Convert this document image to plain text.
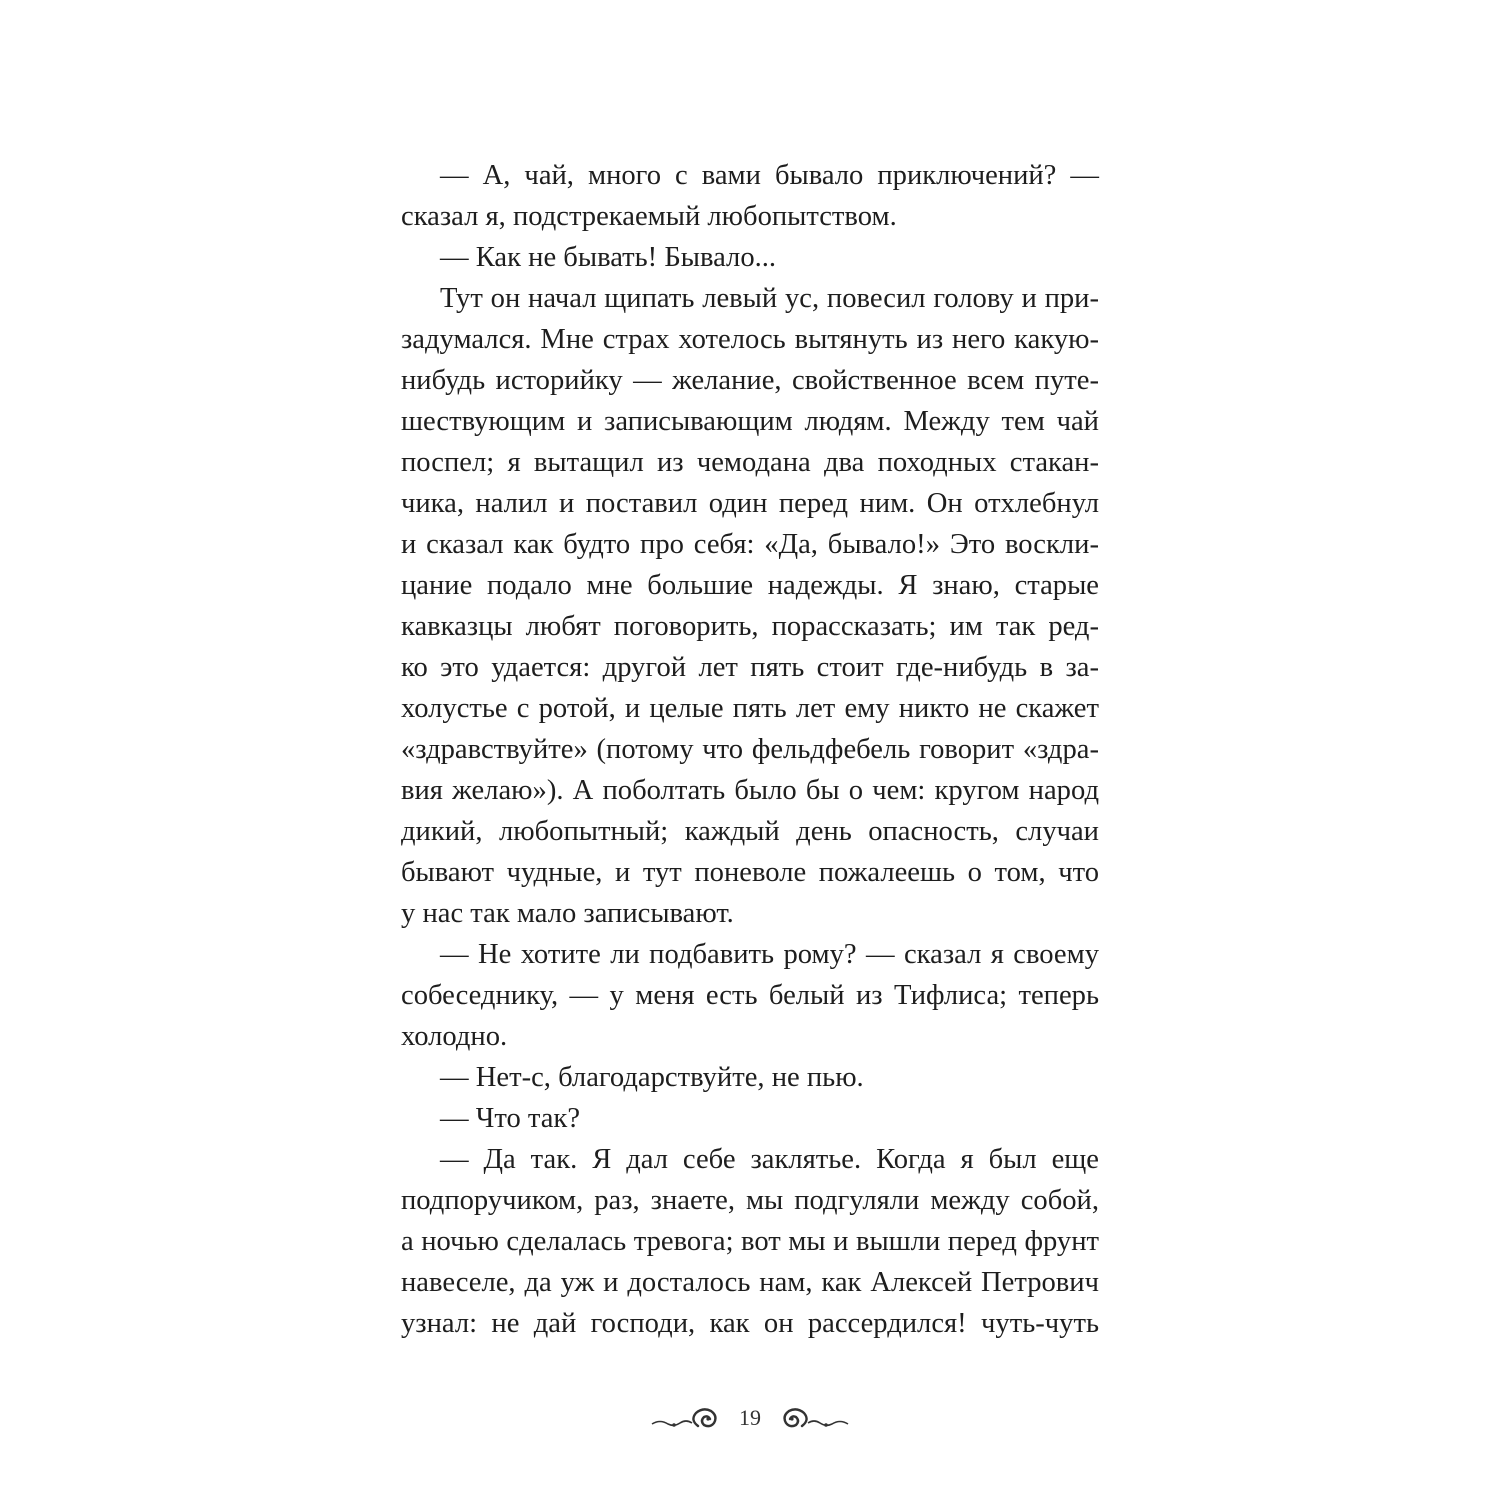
— А, чай, много с вами бывало приключений? —
сказал я, подстрекаемый любопытством.
— Как не бывать! Бывало...
Тут он начал щипать левый ус, повесил голову и при-
задумался. Мне страх хотелось вытянуть из него какую-
нибудь историйку — желание, свойственное всем путе-
шествующим и записывающим людям. Между тем чай
поспел; я вытащил из чемодана два походных стакан-
чика, налил и поставил один перед ним. Он отхлебнул
и сказал как будто про себя: «Да, бывало!» Это воскли-
цание подало мне большие надежды. Я знаю, старые
кавказцы любят поговорить, порассказать; им так ред-
ко это удается: другой лет пять стоит где-нибудь в за-
холустье с ротой, и целые пять лет ему никто не скажет
«здравствуйте» (потому что фельдфебель говорит «здра-
вия желаю»). А поболтать было бы о чем: кругом народ
дикий, любопытный; каждый день опасность, случаи
бывают чудные, и тут поневоле пожалеешь о том, что
у нас так мало записывают.
— Не хотите ли подбавить рому? — сказал я своему
собеседнику, — у меня есть белый из Тифлиса; теперь
холодно.
— Нет-с, благодарствуйте, не пью.
— Что так?
— Да так. Я дал себе заклятье. Когда я был еще
подпоручиком, раз, знаете, мы подгуляли между собой,
а ночью сделалась тревога; вот мы и вышли перед фрунт
навеселе, да уж и досталось нам, как Алексей Петрович
узнал: не дай господи, как он рассердился! чуть-чуть
19
